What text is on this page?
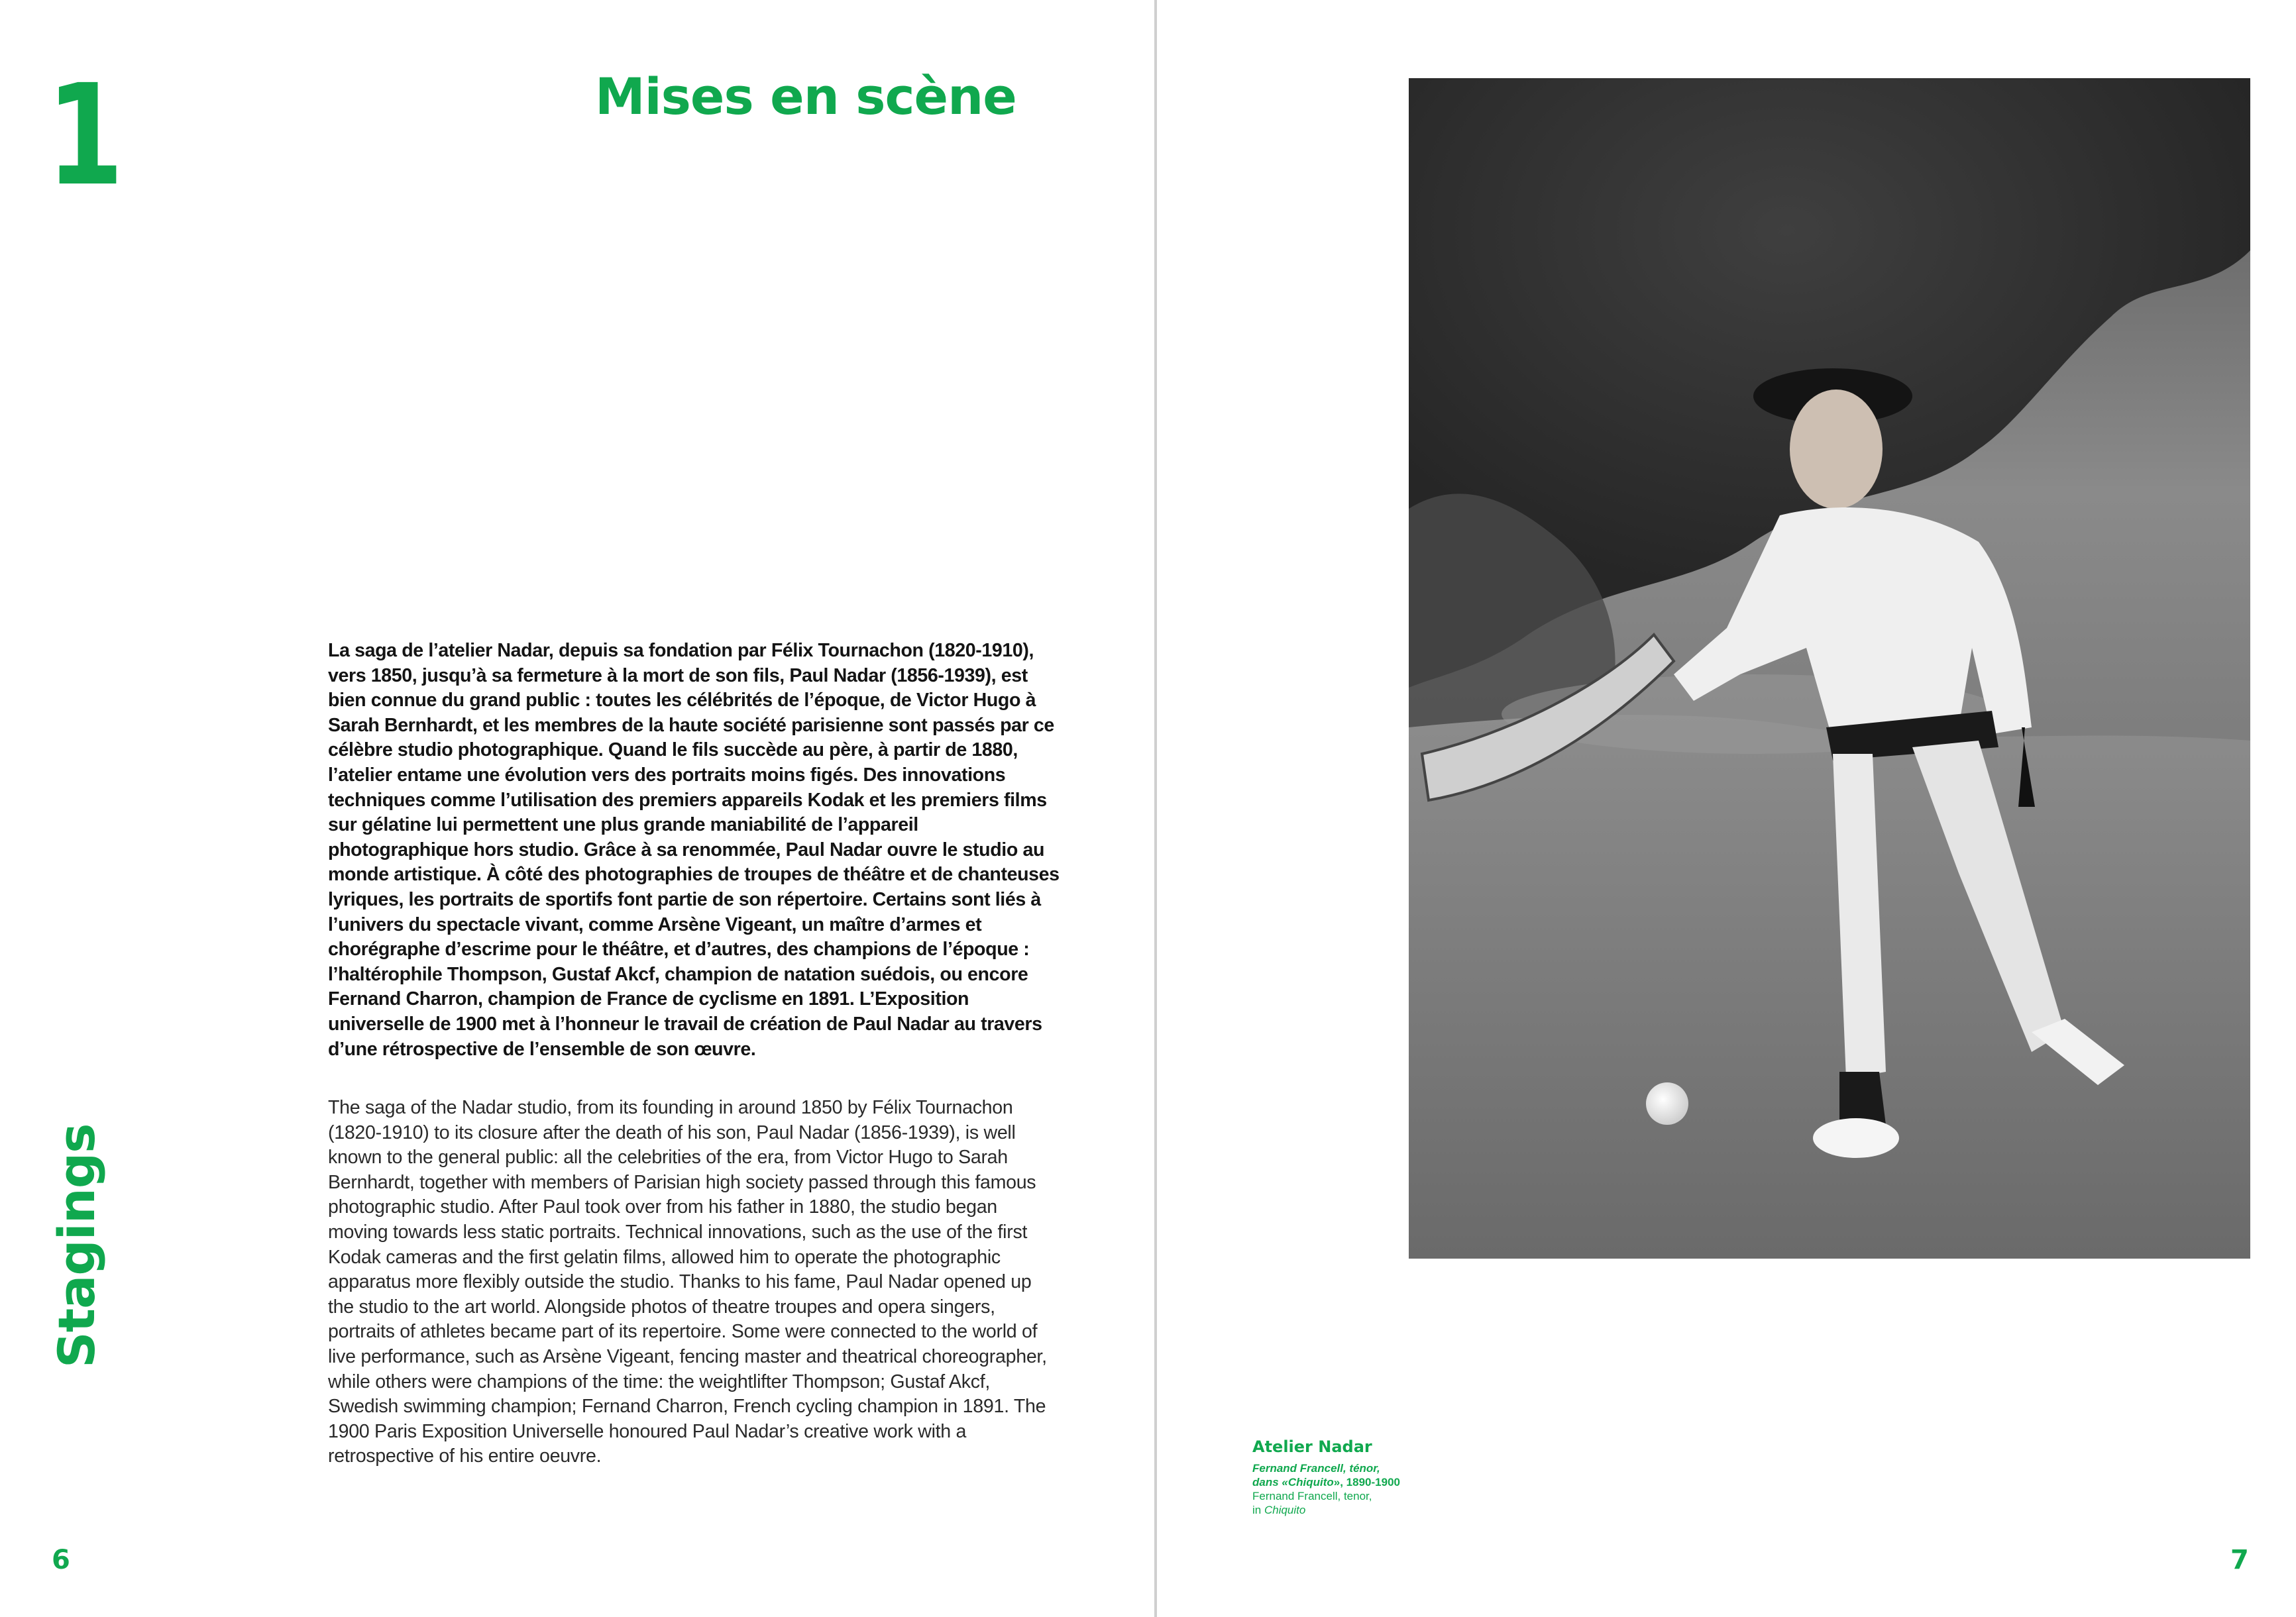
1	Mises en scène
Stagings

La saga de l’atelier Nadar, depuis sa fondation par Félix Tournachon (1820-1910), vers 1850, jusqu’à sa fermeture à la mort de son fils, Paul Nadar (1856-1939), est bien connue du grand public : toutes les célébrités de l’époque, de Victor Hugo à Sarah Bernhardt, et les membres de la haute société parisienne sont passés par ce célèbre studio photographique. Quand le fils succède au père, à partir de 1880, l’atelier entame une évolution vers des portraits moins figés. Des innovations techniques comme l’utilisation des premiers appareils Kodak et les premiers films sur gélatine lui permettent une plus grande maniabilité de l’appareil photographique hors studio. Grâce à sa renommée, Paul Nadar ouvre le studio au monde artistique. À côté des photographies de troupes de théâtre et de chanteuses lyriques, les portraits de sportifs font partie de son répertoire. Certains sont liés à l’univers du spectacle vivant, comme Arsène Vigeant, un maître d’armes et chorégraphe d’escrime pour le théâtre, et d’autres, des champions de l’époque : l’haltérophile Thompson, Gustaf Akcf, champion de natation suédois, ou encore Fernand Charron, champion de France de cyclisme en 1891. L’Exposition universelle de 1900 met à l’honneur le travail de création de Paul Nadar au travers d’une rétrospective de l’ensemble de son œuvre.

The saga of the Nadar studio, from its founding in around 1850 by Félix Tournachon (1820-1910) to its closure after the death of his son, Paul Nadar (1856-1939), is well known to the general public: all the celebrities of the era, from Victor Hugo to Sarah Bernhardt, together with members of Parisian high society passed through this famous photographic studio. After Paul took over from his father in 1880, the studio began moving towards less static portraits. Technical innovations, such as the use of the first Kodak cameras and the first gelatin films, allowed him to operate the photographic apparatus more flexibly outside the studio. Thanks to his fame, Paul Nadar opened up the studio to the art world. Alongside photos of theatre troupes and opera singers, portraits of athletes became part of its repertoire. Some were connected to the world of live performance, such as Arsène Vigeant, fencing master and theatrical choreographer, while others were champions of the time: the weightlifter Thompson; Gustaf Akcf, Swedish swimming champion; Fernand Charron, French cycling champion in 1891. The 1900 Paris Exposition Universelle honoured Paul Nadar’s creative work with a retrospective of his entire oeuvre.

6
Atelier Nadar
Fernand Francell, ténor,
dans «Chiquito», 1890-1900
Fernand Francell, tenor,
in Chiquito
7
